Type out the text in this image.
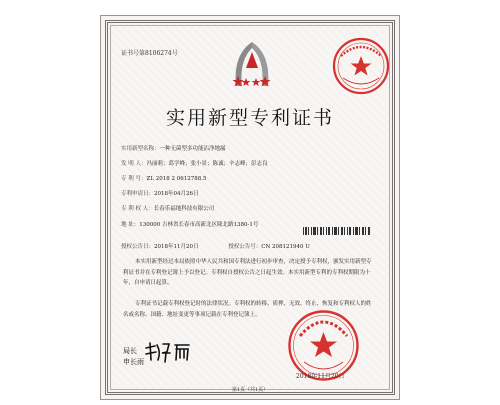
证书号第8106274号
实用新型专利证书
实用新型名称：一种无菌型多功能沾净地漏
发 明 人：冯丽莉；葛学峰；张小景；陈诚；辛志峰；彭志良
专 利 号：ZL 2018 2 0612788.5
专利申请日：2018年04月26日
专 利 权 人：长春乐福地科技有限公司
地 址：130000 吉林省长春市高新北区隆北路1380-1号
授权公告日：2018年11月20日	授权公告号：CN 208121940 U
本实用新型经过本局依照中华人民共和国专利法进行初步审查，决定授予专利权，颁发实用新型专利证书并在专利登记簿上予以登记。专利权自授权公告之日起生效。本实用新型专利的专利权期限为十年，自申请日起算。
专利证书记载专利权登记时的法律状况。专利权的转移、质押、无效、终止、恢复和专利权人的姓名或名称、国籍、地址变更等事项记载在专利登记簿上。
局长
申长雨
2018年11月20日
第1页（共1页）
